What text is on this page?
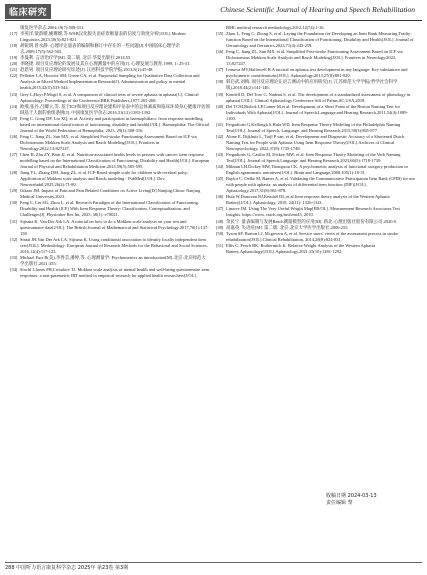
临床研究	Chinese Scientific Journal of Hearing and Speech Rehabilitation

康复医学杂志,2004,19(7):509-511.

[17] 李英洋,梁韵嫒,姚珊嫒,等.WAB汉化版失语症诊断量表的信度与效度分析[J/OL].Modern Linguistics,2023,10(5):821-821.

[18] 胡锐明,曾水静. 心理评定量表的编制和修订中存在的一些问题[J].中国临床心理学杂志,2009,17(5):562-565.

[19] 李曼利. 言语治疗学[M]. 第二版. 北京:华夏出版社,2014,55.

[20] 李晓捷. 项目反应理论的发展及其在心理测量中的应用[J]. 心理发展与教育,1999, 1: 25-31.

[21] 赵恩男. 项目反应理论研究综述[J]. 江西科技学院学报,2013,8(1):45-48.

[22] Pelletier LA, Horwitz SM, Green CA, et al. Purposeful Sampling for Qualitative Data Collection and Analysis in Mixed Method Implementation Research[J]. Administration and policy in mental health,2015,42(5):533-544.

[23] Grey L,Hoyt P,Mogil S, et al. A comparison of clinical tests of severe aphasia in aphasia[C]. Clinical Aphasiology: Proceedings of the Conference.BRK Publishers,1977:265-268.

[24] 欧燕,张丹,吕卿立,等. 基于ICF和项目反应理论建构评估表中的总体素质和临床环境身心健康评估领域基于人群的重组条例[J]. 中国康复医学杂志,2016,31(12):1383-1392.

[25] Feng C, Gong DF, Liu XQ, et al. Activity and participation in haemophiliacs: from response modelling based on international classification of functioning, disability and health[J/OL]. Haemophilia: The Official Journal of the World Federation of Hemophilia, 2023, 29(1):308-316.

[26] Feng C, Jiang ZL, Sun MX, et al. Simplified Post-stroke Functioning Assessment Based on ICF via Dichotomous Mokken Scale Analysis and Rasch Modeling[J/OL]. Frontiers in Neurology,2022,13:827247.

[27] Chen H, Zhu ZY, Bian JJ, et al. Nutrition-associated health levels in persons with cancer: item response modelling based on the International Classification of Functioning, Disability and Health[J/OL]. European Journal of Physical and Rehabilitation Medicine,2023,59(5):585-595.

[28] Jiang YL, Zhang DM, Jiang ZL, et al. ICF-Based simple scale for children with cerebral palsy: Application of Mokken scale analysis and Rasch modeling - PubMed[J/OL]. Dev Neurorehabil,2023,26(2):71-80.

[29] Gikaro JM. Impact of Pain and Pain Related Conditions on Active Living[D].Nanjing,China: Nanjing Medical University,2023.

[30] Feng C, Liu SG, Zhou L, et al. Research Paradigm of the International Classification of Functioning, Disability and Health (ICF) With Item Response Theory: Classification, Conceptualization, and Challenges[J]. Physiother Res Int, 2025, 30(1): e70021.

[31] Sijtsma K, Van Der Ark LA. A tutorial on how to do a Mokken scale analysis on your test and questionnaire data[J/OL]. The British Journal of Mathematical and Statistical Psychology,2017,70(1):137-158.

[32] Straat JH,Van Der Ark LA, Sijtsma K. Using conditional association to identify locally independent item sets[J/OL]. Methodology: European Journal of Research Methods for the Behavioral and Social Sciences, 2016,12(4):117-123.

[33] Michael Furr R(美),李秀芸,潘婷,等. 心理测量学: Psychometrics an introduction[M].北京:北京师范大学出版社,2021:355.

[34] Stochl J,Jones PB,Croudace TJ. Mokken scale analysis of mental health and well-being questionnaire item responses: a non-parametric IRT method in empirical research for applied health researchers[J/OL].

BMC medical research methodology,2012,12(74):1-16.

[35] Zhou L, Feng C, Zhong S, et al. Laying the Foundation for Developing an Item Bank Measuring Frailty-function Based on the International Classification of Functioning, Disability and Health[J/OL]. Journal of Gerontology and Geriatrics,2023,71(4):245-259.

[36] Feng C, Jiang ZL, Sun MX, et al. Simplified Post-stroke Functioning Assessment Based on ICF via Dichotomous Mokken Scale Analysis and Rasch Modeling[J/OL]. Frontiers in Neurology,2022, 13:827247.

[37] Ivanova MV,Hallowell B.A tutorial on aphasia test development in any language: Key substantive and psychometric considerations[J/OL]. Aphasiology,2013,27(8):891-920.

[38] 韩启武,刘梅. 项目反应理论在语言测试中的应用研究[J]. 江苏师范大学学报(哲学社会科学版),2018,44(2):141-146.

[39] Kendell D, Del Toro C, Nadeau S, et al. The development of a standardized assessment of phonology in aphasia[C/OL]. Clinical Aphasiology Conference Silt of Palms,SC,USA,2018.

[40] Del TCM,Bislick LP,Comer M,et al. Development of a Short Form of the Boston Naming Test for Individuals With Aphasia[J/OL]. Journal of Speech,Language,and Hearing Research,2011,54(4):1089-1100.

[41] Fergadiotis G,Kellough S,Hula WD. Item Response Theory Modeling of the Philadelphia Naming Test[J/OL]. Journal of Speech, Language, and Hearing Research,2015,58(3):865-877.

[42] Alone E, Dijkhuis L, Tuijl P van, et al. Development and Diagnostic Accuracy of a Shortened Dutch Naming Test for People with Aphasia Using Item Response Theory[J/OL].Archives of Clinical Neuropsychology, 2022,37(8):1735-1748.

[43] Fergadiotis G, Casilio M, Dickey MW, et al. Item Response Theory Modeling of the Verb Naming Test[J/OL]. Journal of Speech,Language, and Hearing Research,2023,66(5):1718-1739.

[44] Milman LH,Dickey MW,Thompson CK. A psychometric analysis of functional category production in English agrammatic narratives[J/OL]. Brain and Language,2008,105(1):18-31.

[45] Baylor C, Oelke M, Bamer A, et al. Validating the Communicative Participation Item Bank (CPIB) for use with people with aphasia: an analysis of differential item function (DIF)[J/OL]. Aphasiology,2017,31(8):861-878.

[46] Hula W,Donovan NJ,Kendall DL,et al.Item response theory analysis of the Western Aphasia Battery[J/OL]. Aphasiology, 2010, 24(11): 1326-1341.

[47] Linacre JM. Using The Very Useful Wright Map[EB/OL]. Measurement Research Associates Test Insights. https://www. rasch.org/rmt/rmt45, 2010.

[48] 余民宁. 量表编制与发展Rasch测量模型的应用[M]. 新北:心理出版社股份有限公司,2020:9.

[49] 高嘉英. 失语症[M]. 第二版. 北京:北京大学医学出版社,2006:255.

[50] Tyson SF, Burton LJ, Mcgovern A, et al. Service users' views of the assessment process in stroke rehabilitation[J/OL].Clinical Rehabilitation, 2014,28(8):824-831.

[51] Ellis C, Peach RK, Rothermich K. Relative Weight Analysis of the Western Aphasia Battery.Aphasiology[J/OL].Aphasiology,2021,35(10):1281-1292.

收稿日期 2024-03-13
责任编辑 黎
288 中国听力语言康复科学杂志 2025年 第23卷 第3期
